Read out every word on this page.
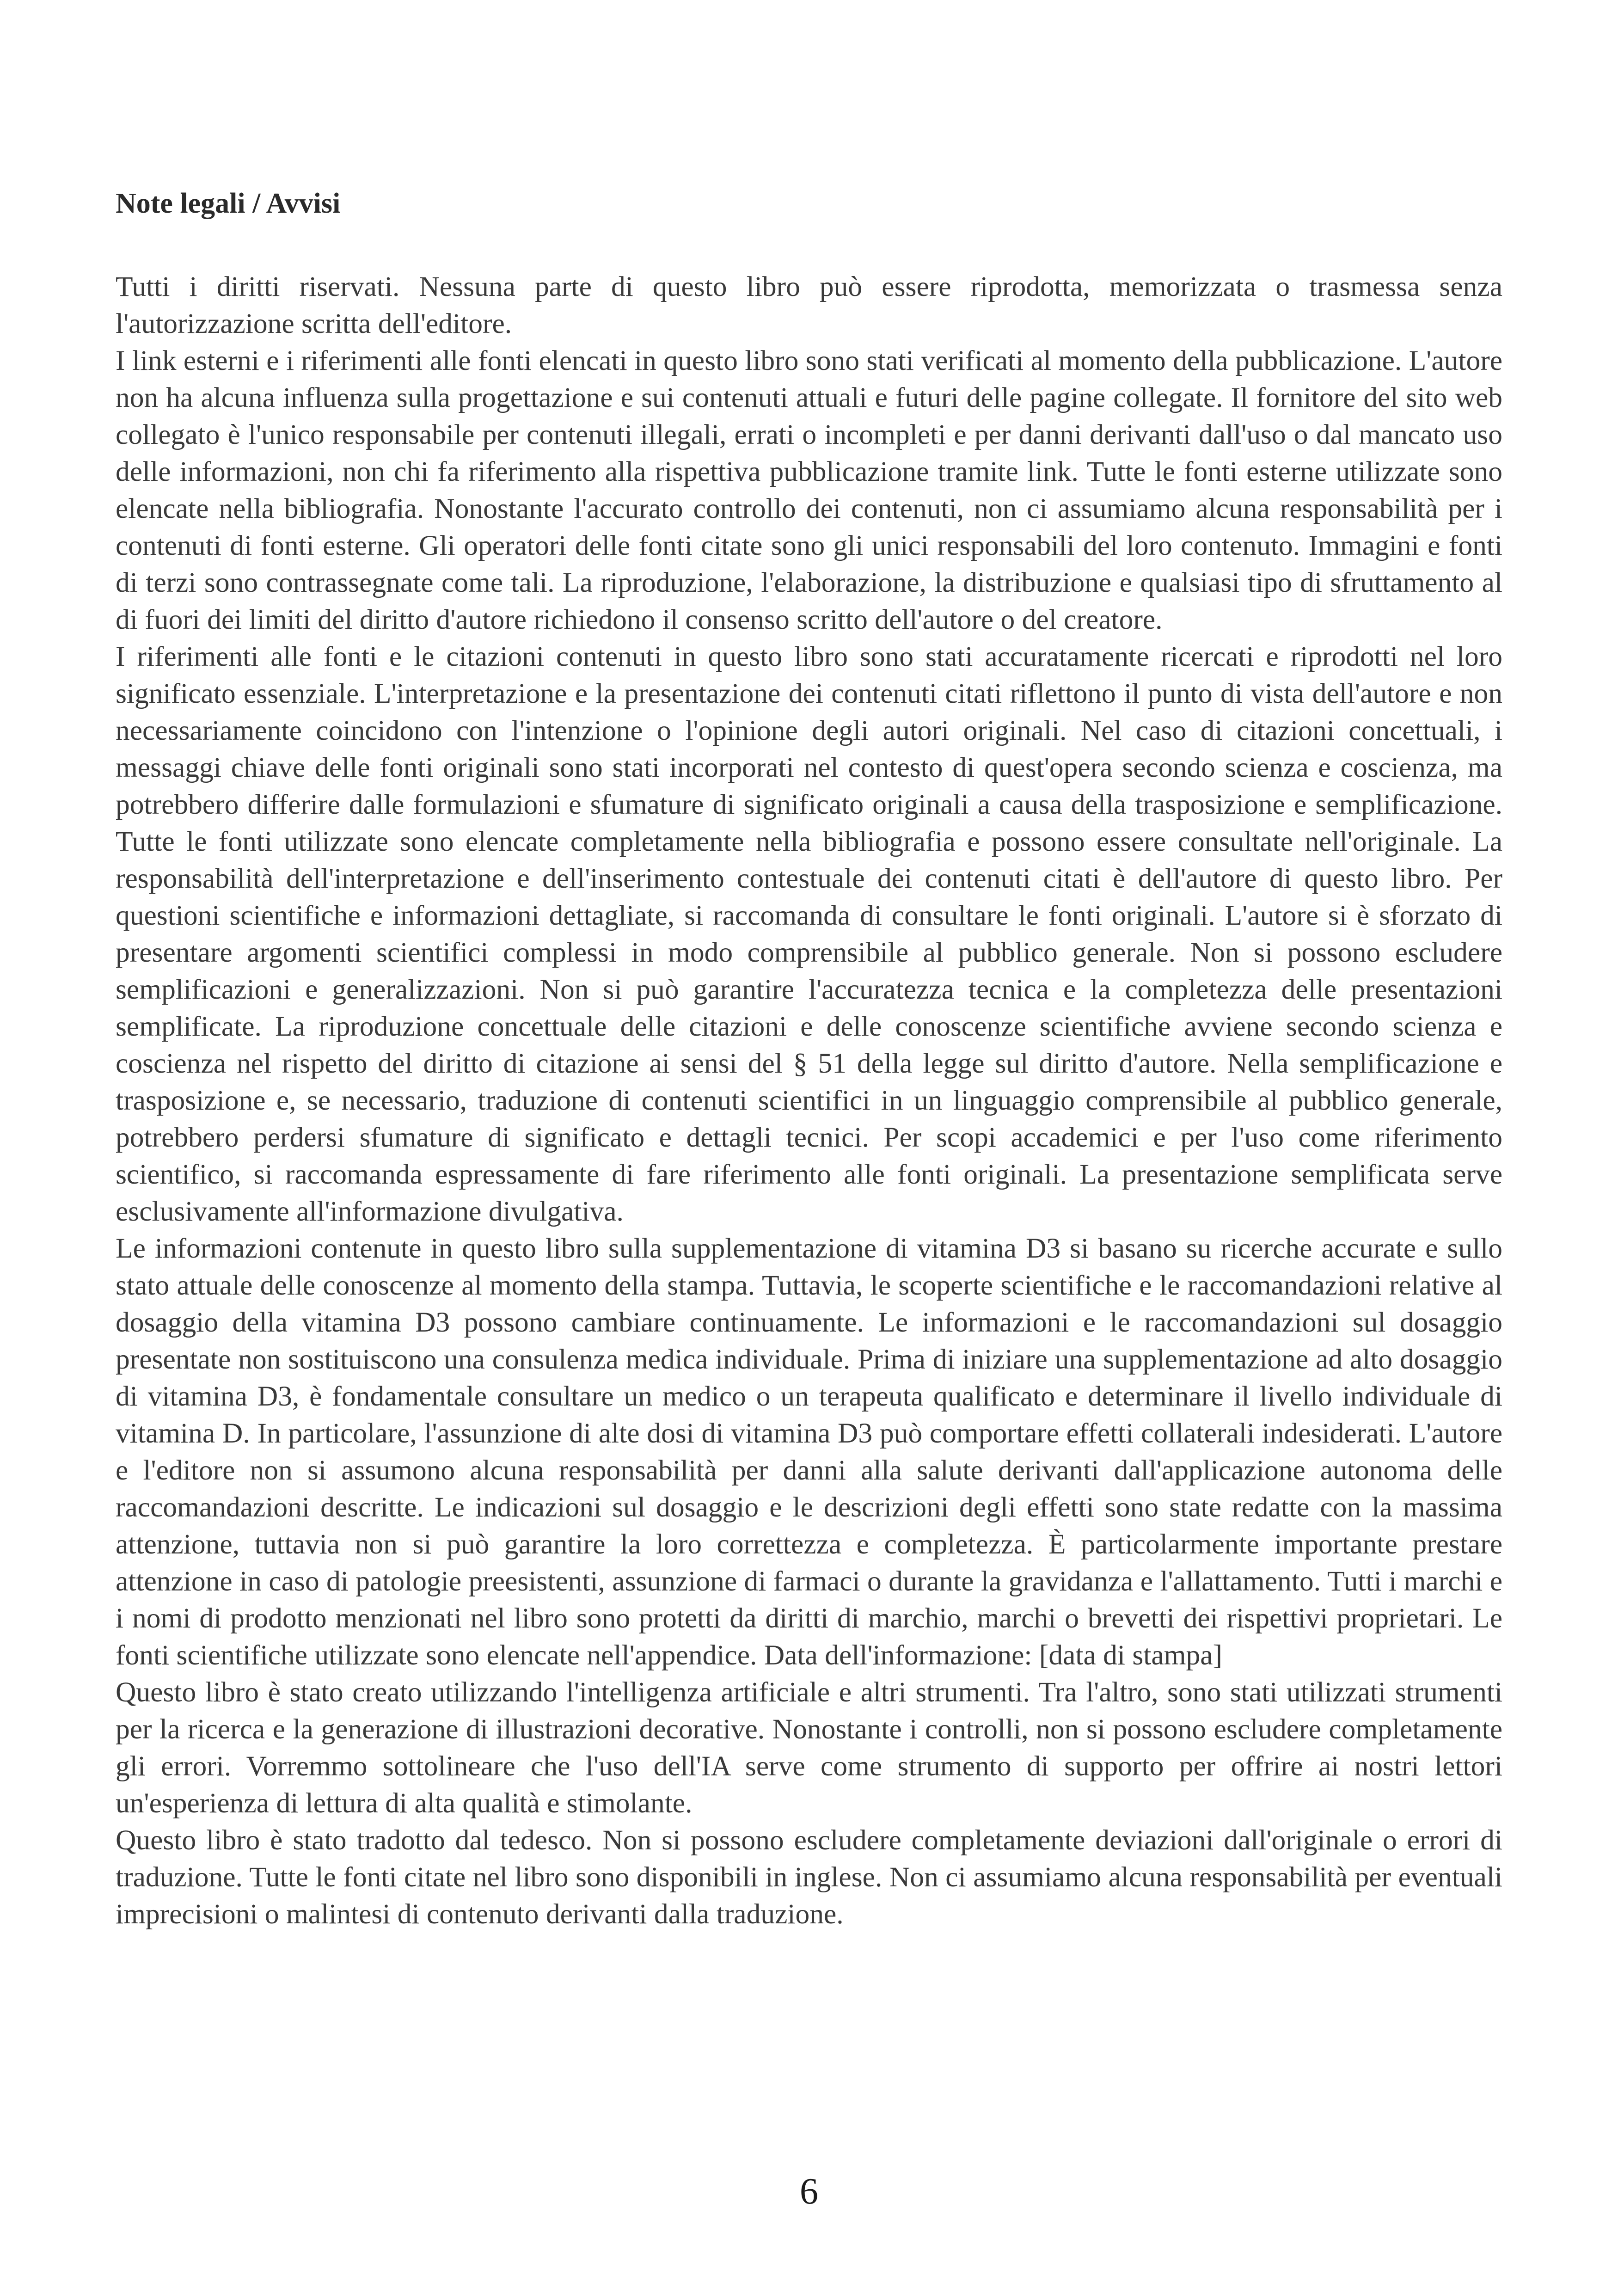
Note legali / Avvisi

Tutti i diritti riservati. Nessuna parte di questo libro può essere riprodotta, memorizzata o trasmessa senza l'autorizzazione scritta dell'editore.

I link esterni e i riferimenti alle fonti elencati in questo libro sono stati verificati al momento della pubblicazione. L'autore non ha alcuna influenza sulla progettazione e sui contenuti attuali e futuri delle pagine collegate. Il fornitore del sito web collegato è l'unico responsabile per contenuti illegali, errati o incompleti e per danni derivanti dall'uso o dal mancato uso delle informazioni, non chi fa riferimento alla rispettiva pubblicazione tramite link. Tutte le fonti esterne utilizzate sono elencate nella bibliografia. Nonostante l'accurato controllo dei contenuti, non ci assumiamo alcuna responsabilità per i contenuti di fonti esterne. Gli operatori delle fonti citate sono gli unici responsabili del loro contenuto. Immagini e fonti di terzi sono contrassegnate come tali. La riproduzione, l'elaborazione, la distribuzione e qualsiasi tipo di sfruttamento al di fuori dei limiti del diritto d'autore richiedono il consenso scritto dell'autore o del creatore.

I riferimenti alle fonti e le citazioni contenuti in questo libro sono stati accuratamente ricercati e riprodotti nel loro significato essenziale. L'interpretazione e la presentazione dei contenuti citati riflettono il punto di vista dell'autore e non necessariamente coincidono con l'intenzione o l'opinione degli autori originali. Nel caso di citazioni concettuali, i messaggi chiave delle fonti originali sono stati incorporati nel contesto di quest'opera secondo scienza e coscienza, ma potrebbero differire dalle formulazioni e sfumature di significato originali a causa della trasposizione e semplificazione. Tutte le fonti utilizzate sono elencate completamente nella bibliografia e possono essere consultate nell'originale. La responsabilità dell'interpretazione e dell'inserimento contestuale dei contenuti citati è dell'autore di questo libro. Per questioni scientifiche e informazioni dettagliate, si raccomanda di consultare le fonti originali. L'autore si è sforzato di presentare argomenti scientifici complessi in modo comprensibile al pubblico generale. Non si possono escludere semplificazioni e generalizzazioni. Non si può garantire l'accuratezza tecnica e la completezza delle presentazioni semplificate. La riproduzione concettuale delle citazioni e delle conoscenze scientifiche avviene secondo scienza e coscienza nel rispetto del diritto di citazione ai sensi del § 51 della legge sul diritto d'autore. Nella semplificazione e trasposizione e, se necessario, traduzione di contenuti scientifici in un linguaggio comprensibile al pubblico generale, potrebbero perdersi sfumature di significato e dettagli tecnici. Per scopi accademici e per l'uso come riferimento scientifico, si raccomanda espressamente di fare riferimento alle fonti originali. La presentazione semplificata serve esclusivamente all'informazione divulgativa.

Le informazioni contenute in questo libro sulla supplementazione di vitamina D3 si basano su ricerche accurate e sullo stato attuale delle conoscenze al momento della stampa. Tuttavia, le scoperte scientifiche e le raccomandazioni relative al dosaggio della vitamina D3 possono cambiare continuamente. Le informazioni e le raccomandazioni sul dosaggio presentate non sostituiscono una consulenza medica individuale. Prima di iniziare una supplementazione ad alto dosaggio di vitamina D3, è fondamentale consultare un medico o un terapeuta qualificato e determinare il livello individuale di vitamina D. In particolare, l'assunzione di alte dosi di vitamina D3 può comportare effetti collaterali indesiderati. L'autore e l'editore non si assumono alcuna responsabilità per danni alla salute derivanti dall'applicazione autonoma delle raccomandazioni descritte. Le indicazioni sul dosaggio e le descrizioni degli effetti sono state redatte con la massima attenzione, tuttavia non si può garantire la loro correttezza e completezza. È particolarmente importante prestare attenzione in caso di patologie preesistenti, assunzione di farmaci o durante la gravidanza e l'allattamento. Tutti i marchi e i nomi di prodotto menzionati nel libro sono protetti da diritti di marchio, marchi o brevetti dei rispettivi proprietari. Le fonti scientifiche utilizzate sono elencate nell'appendice. Data dell'informazione: [data di stampa]

Questo libro è stato creato utilizzando l'intelligenza artificiale e altri strumenti. Tra l'altro, sono stati utilizzati strumenti per la ricerca e la generazione di illustrazioni decorative. Nonostante i controlli, non si possono escludere completamente gli errori. Vorremmo sottolineare che l'uso dell'IA serve come strumento di supporto per offrire ai nostri lettori un'esperienza di lettura di alta qualità e stimolante.

Questo libro è stato tradotto dal tedesco. Non si possono escludere completamente deviazioni dall'originale o errori di traduzione. Tutte le fonti citate nel libro sono disponibili in inglese. Non ci assumiamo alcuna responsabilità per eventuali imprecisioni o malintesi di contenuto derivanti dalla traduzione.

6
